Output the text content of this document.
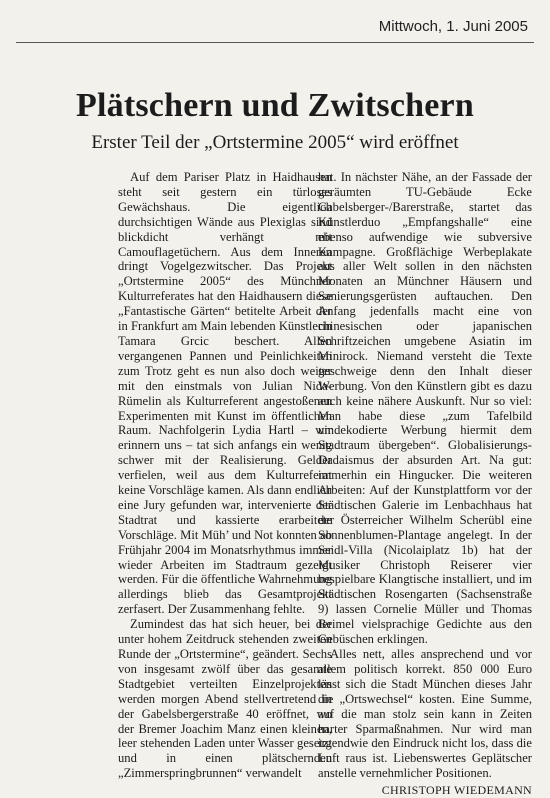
Mittwoch, 1. Juni 2005
Plätschern und Zwitschern
Erster Teil der „Ortstermine 2005“ wird eröffnet

Auf dem Pariser Platz in Haidhausen steht seit gestern ein türloses Gewächshaus. Die eigentlich durchsichtigen Wände aus Plexiglas sind blickdicht verhängt mit Camouflagetüchern. Aus dem Inneren dringt Vogelgezwitscher. Das Projekt „Ortstermine 2005“ des Münchner Kulturreferates hat den Haidhausern diese „Fantastische Gärten“ betitelte Arbeit der in Frankfurt am Main lebenden Künstlerin Tamara Grcic beschert. Allen vergangenen Pannen und Peinlichkeiten zum Trotz geht es nun also doch weiter mit den einstmals von Julian Nida-Rümelin als Kulturreferent angestoßenen Experimenten mit Kunst im öffentlichen Raum. Nachfolgerin Lydia Hartl – wir erinnern uns – tat sich anfangs ein wenig schwer mit der Realisierung. Gelder verfielen, weil aus dem Kulturreferat keine Vorschläge kamen. Als dann endlich eine Jury gefunden war, intervenierte der Stadtrat und kassierte erarbeitete Vorschläge. Mit Müh’ und Not konnten ab Frühjahr 2004 im Monatsrhythmus immer wieder Arbeiten im Stadtraum gezeigt werden. Für die öffentliche Wahrnehmung allerdings blieb das Gesamtprojekt zerfasert. Der Zusammenhang fehlte.

Zumindest das hat sich heuer, bei der unter hohem Zeitdruck stehenden zweiten Runde der „Ortstermine“, geändert. Sechs von insgesamt zwölf über das gesamte Stadtgebiet verteilten Einzelprojekten werden morgen Abend stellvertretend in der Gabelsbergerstraße 40 eröffnet, wo der Bremer Joachim Manz einen kleinen, leer stehenden Laden unter Wasser gesetzt und in einen plätschernden „Zimmerspringbrunnen“ verwandelt

hat. In nächster Nähe, an der Fassade der geräumten TU-Gebäude Ecke Gabelsberger-/Barerstraße, startet das Künstlerduo „Empfangshalle“ eine ebenso aufwendige wie subversive Kampagne. Großflächige Werbeplakate aus aller Welt sollen in den nächsten Monaten an Münchner Häusern und Sanierungsgerüsten auftauchen. Den Anfang jedenfalls macht eine von chinesischen oder japanischen Schriftzeichen umgebene Asiatin im Minirock. Niemand versteht die Texte geschweige denn den Inhalt dieser Werbung. Von den Künstlern gibt es dazu auch keine nähere Auskunft. Nur so viel: Man habe diese „zum Tafelbild umdekodierte Werbung hiermit dem Stadtraum übergeben“. Globalisierungs-Dadaismus der absurden Art. Na gut: immerhin ein Hingucker. Die weiteren Arbeiten: Auf der Kunstplattform vor der Städtischen Galerie im Lenbachhaus hat der Österreicher Wilhelm Scherübl eine Sonnenblumen-Plantage angelegt. In der Seidl-Villa (Nicolaiplatz 1b) hat der Musiker Christoph Reiserer vier bespielbare Klangtische installiert, und im Städtischen Rosengarten (Sachsenstraße 9) lassen Cornelie Müller und Thomas Beimel vielsprachige Gedichte aus den Gebüschen erklingen.

Alles nett, alles ansprechend und vor allem politisch korrekt. 850 000 Euro lässt sich die Stadt München dieses Jahr die „Ortswechsel“ kosten. Eine Summe, auf die man stolz sein kann in Zeiten harter Sparmaßnahmen. Nur wird man irgendwie den Eindruck nicht los, dass die Luft raus ist. Liebenswertes Geplätscher anstelle vernehmlicher Positionen.

CHRISTOPH WIEDEMANN
